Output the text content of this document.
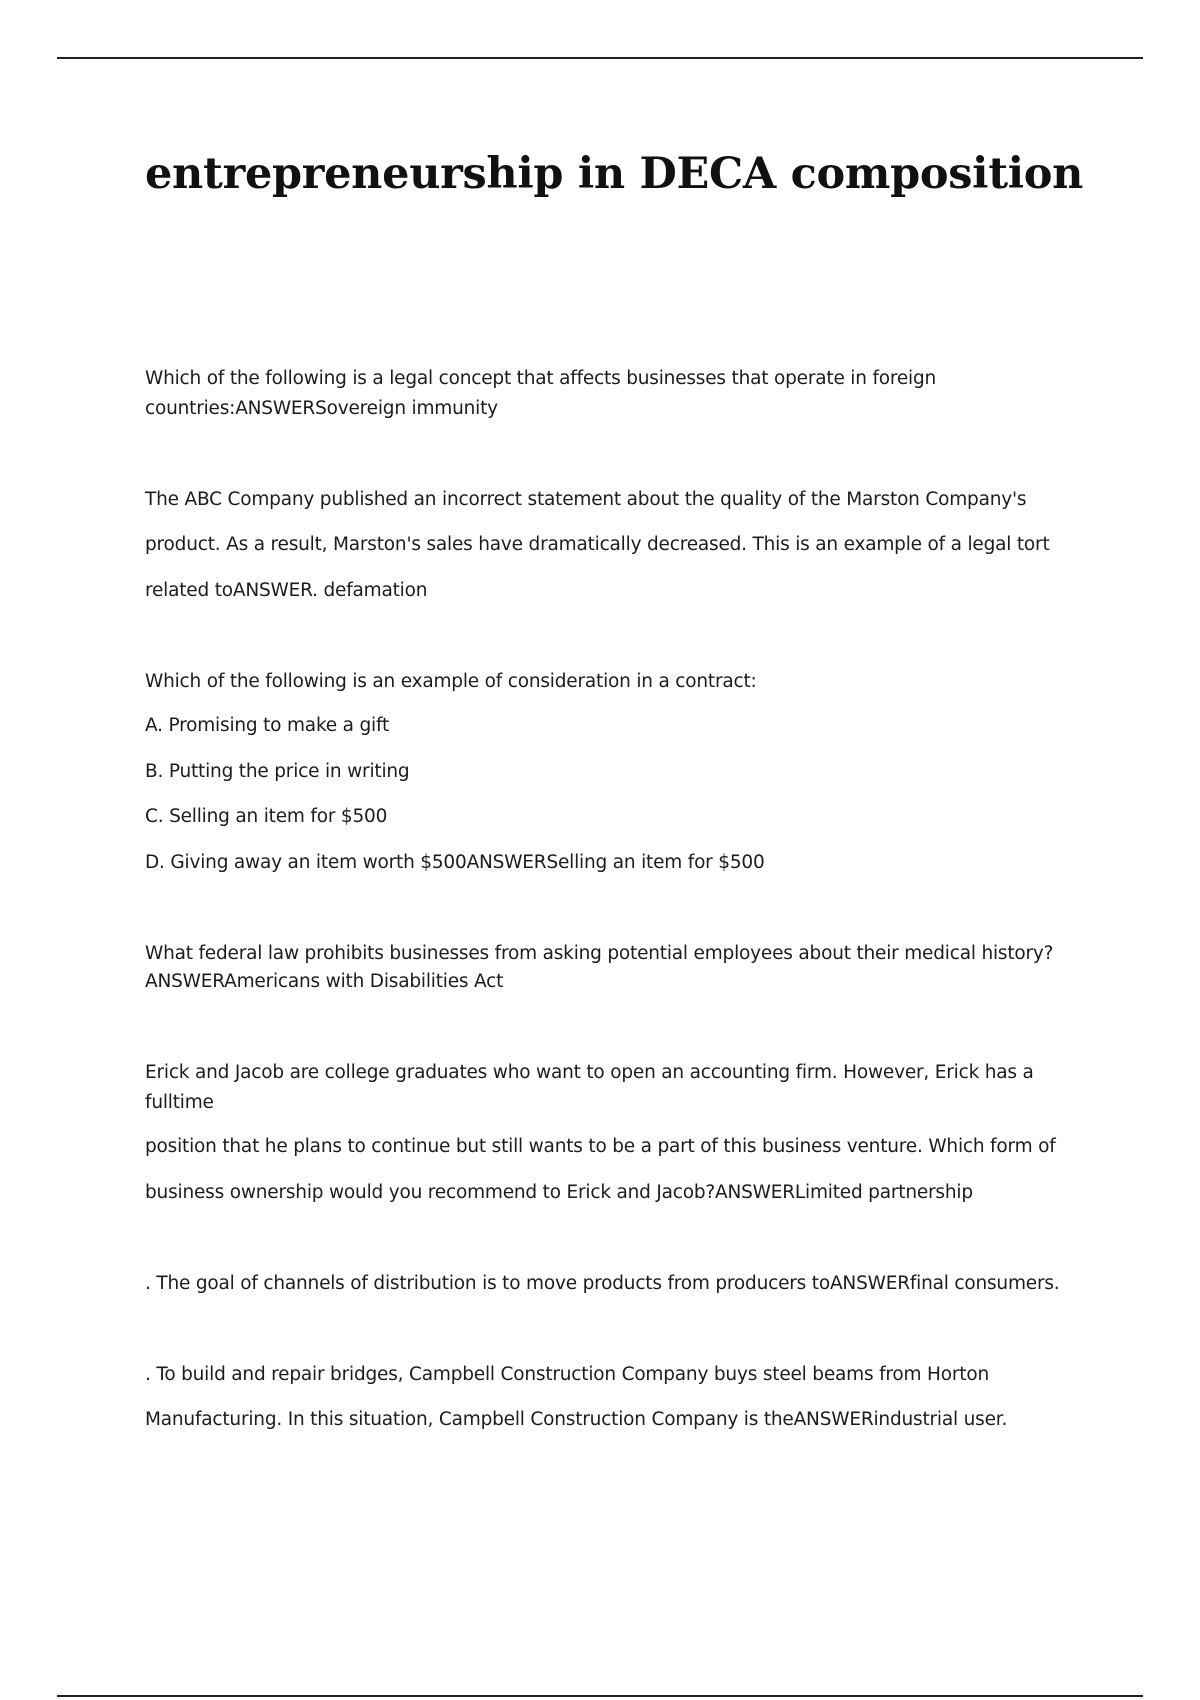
entrepreneurship in DECA composition

Which of the following is a legal concept that affects businesses that operate in foreign

countries:ANSWERSovereign immunity

The ABC Company published an incorrect statement about the quality of the Marston Company's

product. As a result, Marston's sales have dramatically decreased. This is an example of a legal tort

related toANSWER. defamation

Which of the following is an example of consideration in a contract:

A. Promising to make a gift

B. Putting the price in writing

C. Selling an item for $500

D. Giving away an item worth $500ANSWERSelling an item for $500

What federal law prohibits businesses from asking potential employees about their medical history?

ANSWERAmericans with Disabilities Act

Erick and Jacob are college graduates who want to open an accounting firm. However, Erick has a

fulltime

position that he plans to continue but still wants to be a part of this business venture. Which form of

business ownership would you recommend to Erick and Jacob?ANSWERLimited partnership

. The goal of channels of distribution is to move products from producers toANSWERfinal consumers.

. To build and repair bridges, Campbell Construction Company buys steel beams from Horton

Manufacturing. In this situation, Campbell Construction Company is theANSWERindustrial user.
